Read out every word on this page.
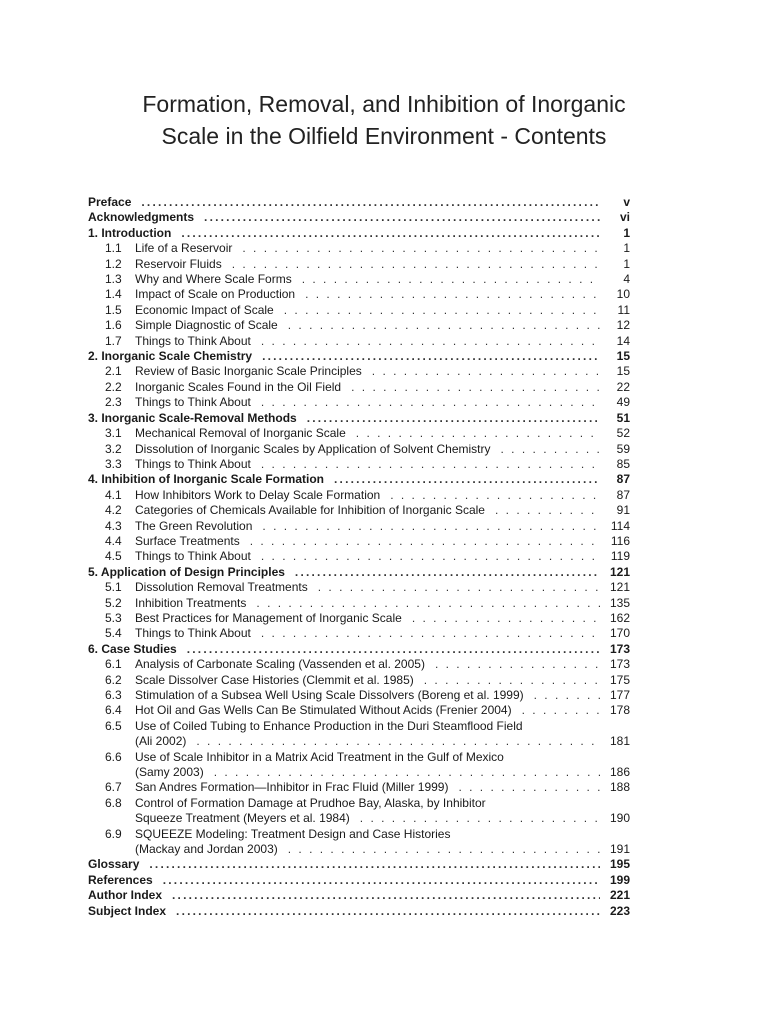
Formation, Removal, and Inhibition of Inorganic
Scale in the Oilfield Environment - Contents
Preface .....	v
Acknowledgments .....	vi
1. Introduction .....	1
1.1	Life of a Reservoir . . .	1
1.2	Reservoir Fluids . . .	1
1.3	Why and Where Scale Forms . . .	4
1.4	Impact of Scale on Production . . .	10
1.5	Economic Impact of Scale . . .	11
1.6	Simple Diagnostic of Scale . . .	12
1.7	Things to Think About . . .	14
2. Inorganic Scale Chemistry .....	15
2.1	Review of Basic Inorganic Scale Principles . . .	15
2.2	Inorganic Scales Found in the Oil Field . . .	22
2.3	Things to Think About . . .	49
3. Inorganic Scale-Removal Methods .....	51
3.1	Mechanical Removal of Inorganic Scale . . .	52
3.2	Dissolution of Inorganic Scales by Application of Solvent Chemistry . . .	59
3.3	Things to Think About . . .	85
4. Inhibition of Inorganic Scale Formation .....	87
4.1	How Inhibitors Work to Delay Scale Formation . . .	87
4.2	Categories of Chemicals Available for Inhibition of Inorganic Scale . . .	91
4.3	The Green Revolution . . .	114
4.4	Surface Treatments . . .	116
4.5	Things to Think About . . .	119
5. Application of Design Principles .....	121
5.1	Dissolution Removal Treatments . . .	121
5.2	Inhibition Treatments . . .	135
5.3	Best Practices for Management of Inorganic Scale . . .	162
5.4	Things to Think About . . .	170
6. Case Studies .....	173
6.1	Analysis of Carbonate Scaling (Vassenden et al. 2005) . . .	173
6.2	Scale Dissolver Case Histories (Clemmit et al. 1985) . . .	175
6.3	Stimulation of a Subsea Well Using Scale Dissolvers (Boreng et al. 1999) . . .	177
6.4	Hot Oil and Gas Wells Can Be Stimulated Without Acids (Frenier 2004) . . .	178
6.5	Use of Coiled Tubing to Enhance Production in the Duri Steamflood Field
(Ali 2002) . . .	181
6.6	Use of Scale Inhibitor in a Matrix Acid Treatment in the Gulf of Mexico
(Samy 2003) . . .	186
6.7	San Andres Formation—Inhibitor in Frac Fluid (Miller 1999) . . .	188
6.8	Control of Formation Damage at Prudhoe Bay, Alaska, by Inhibitor
Squeeze Treatment (Meyers et al. 1984) . . .	190
6.9	SQUEEZE Modeling: Treatment Design and Case Histories
(Mackay and Jordan 2003) . . .	191
Glossary .....	195
References .....	199
Author Index .....	221
Subject Index .....	223
